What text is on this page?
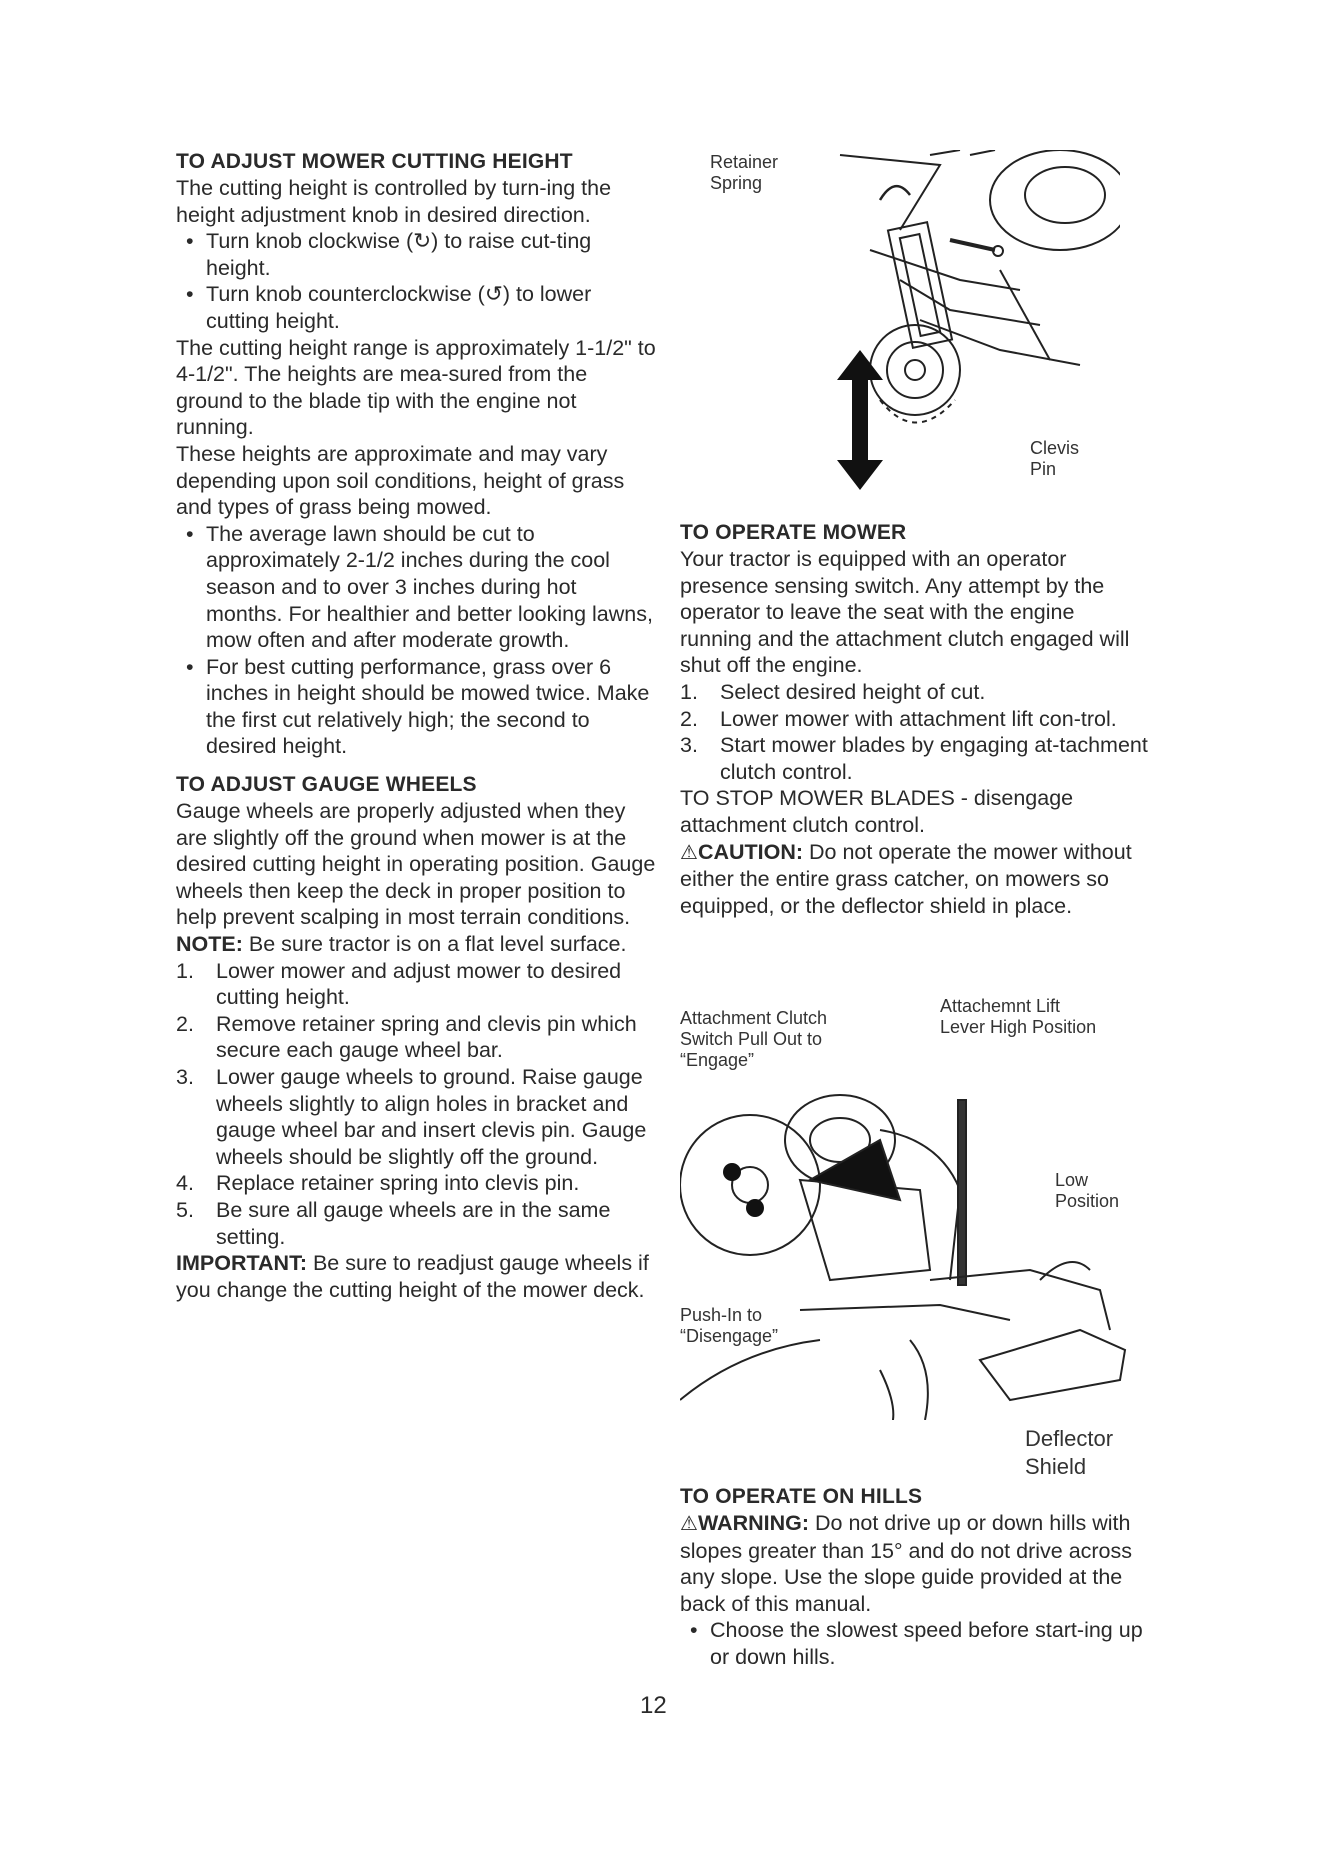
TO ADJUST MOWER CUTTING HEIGHT

The cutting height is controlled by turn-ing the height adjustment knob in desired direction.

• Turn knob clockwise (↻) to raise cut-ting height.

• Turn knob counterclockwise (↺) to lower cutting height.

The cutting height range is approximately 1-1/2" to 4-1/2". The heights are mea-sured from the ground to the blade tip with the engine not running.

These heights are approximate and may vary depending upon soil conditions, height of grass and types of grass being mowed.

• The average lawn should be cut to approximately 2-1/2 inches during the cool season and to over 3 inches during hot months. For healthier and better looking lawns, mow often and after moderate growth.

• For best cutting performance, grass over 6 inches in height should be mowed twice. Make the first cut relatively high; the second to desired height.

TO ADJUST GAUGE WHEELS

Gauge wheels are properly adjusted when they are slightly off the ground when mower is at the desired cutting height in operating position. Gauge wheels then keep the deck in proper position to help prevent scalping in most terrain conditions.

NOTE: Be sure tractor is on a flat level surface.

1. Lower mower and adjust mower to desired cutting height.

2. Remove retainer spring and clevis pin which secure each gauge wheel bar.

3. Lower gauge wheels to ground. Raise gauge wheels slightly to align holes in bracket and gauge wheel bar and insert clevis pin. Gauge wheels should be slightly off the ground.

4. Replace retainer spring into clevis pin.

5. Be sure all gauge wheels are in the same setting.

IMPORTANT: Be sure to readjust gauge wheels if you change the cutting height of the mower deck.

Retainer
Spring
Clevis
Pin
TO OPERATE MOWER

Your tractor is equipped with an operator presence sensing switch. Any attempt by the operator to leave the seat with the engine running and the attachment clutch engaged will shut off the engine.

1. Select desired height of cut.

2. Lower mower with attachment lift con-trol.

3. Start mower blades by engaging at-tachment clutch control.

TO STOP MOWER BLADES - disengage attachment clutch control.

⚠CAUTION: Do not operate the mower without either the entire grass catcher, on mowers so equipped, or the deflector shield in place.

Attachment Clutch
Switch Pull Out to
“Engage”
Attachemnt Lift
Lever High Position
Low
Position
Push-In to
“Disengage”
Deflector
Shield
TO OPERATE ON HILLS

⚠WARNING: Do not drive up or down hills with slopes greater than 15° and do not drive across any slope. Use the slope guide provided at the back of this manual.

• Choose the slowest speed before start-ing up or down hills.

12
